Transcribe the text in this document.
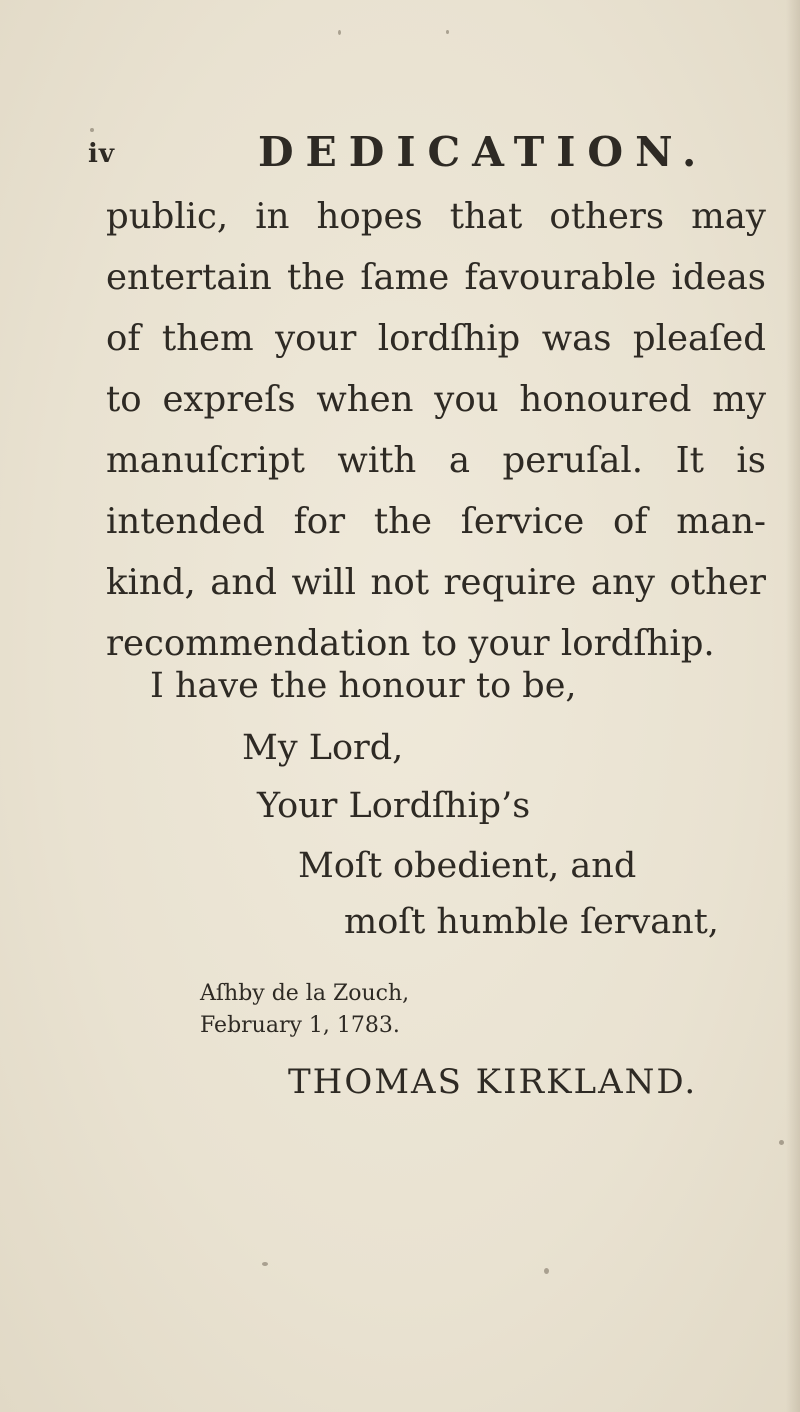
iv	DEDICATION.
public, in hopes that others may
entertain the ſame favourable ideas
of them your lordſhip was pleaſed
to expreſs when you honoured my
manuſcript with a peruſal. It is
intended for the ſervice of man-
kind, and will not require any other
recommendation to your lordſhip.
I have the honour to be,
My Lord,
Your Lordſhip’s
Moſt obedient, and
moſt humble ſervant,
Aſhby de la Zouch,
February 1, 1783.
THOMAS KIRKLAND.
